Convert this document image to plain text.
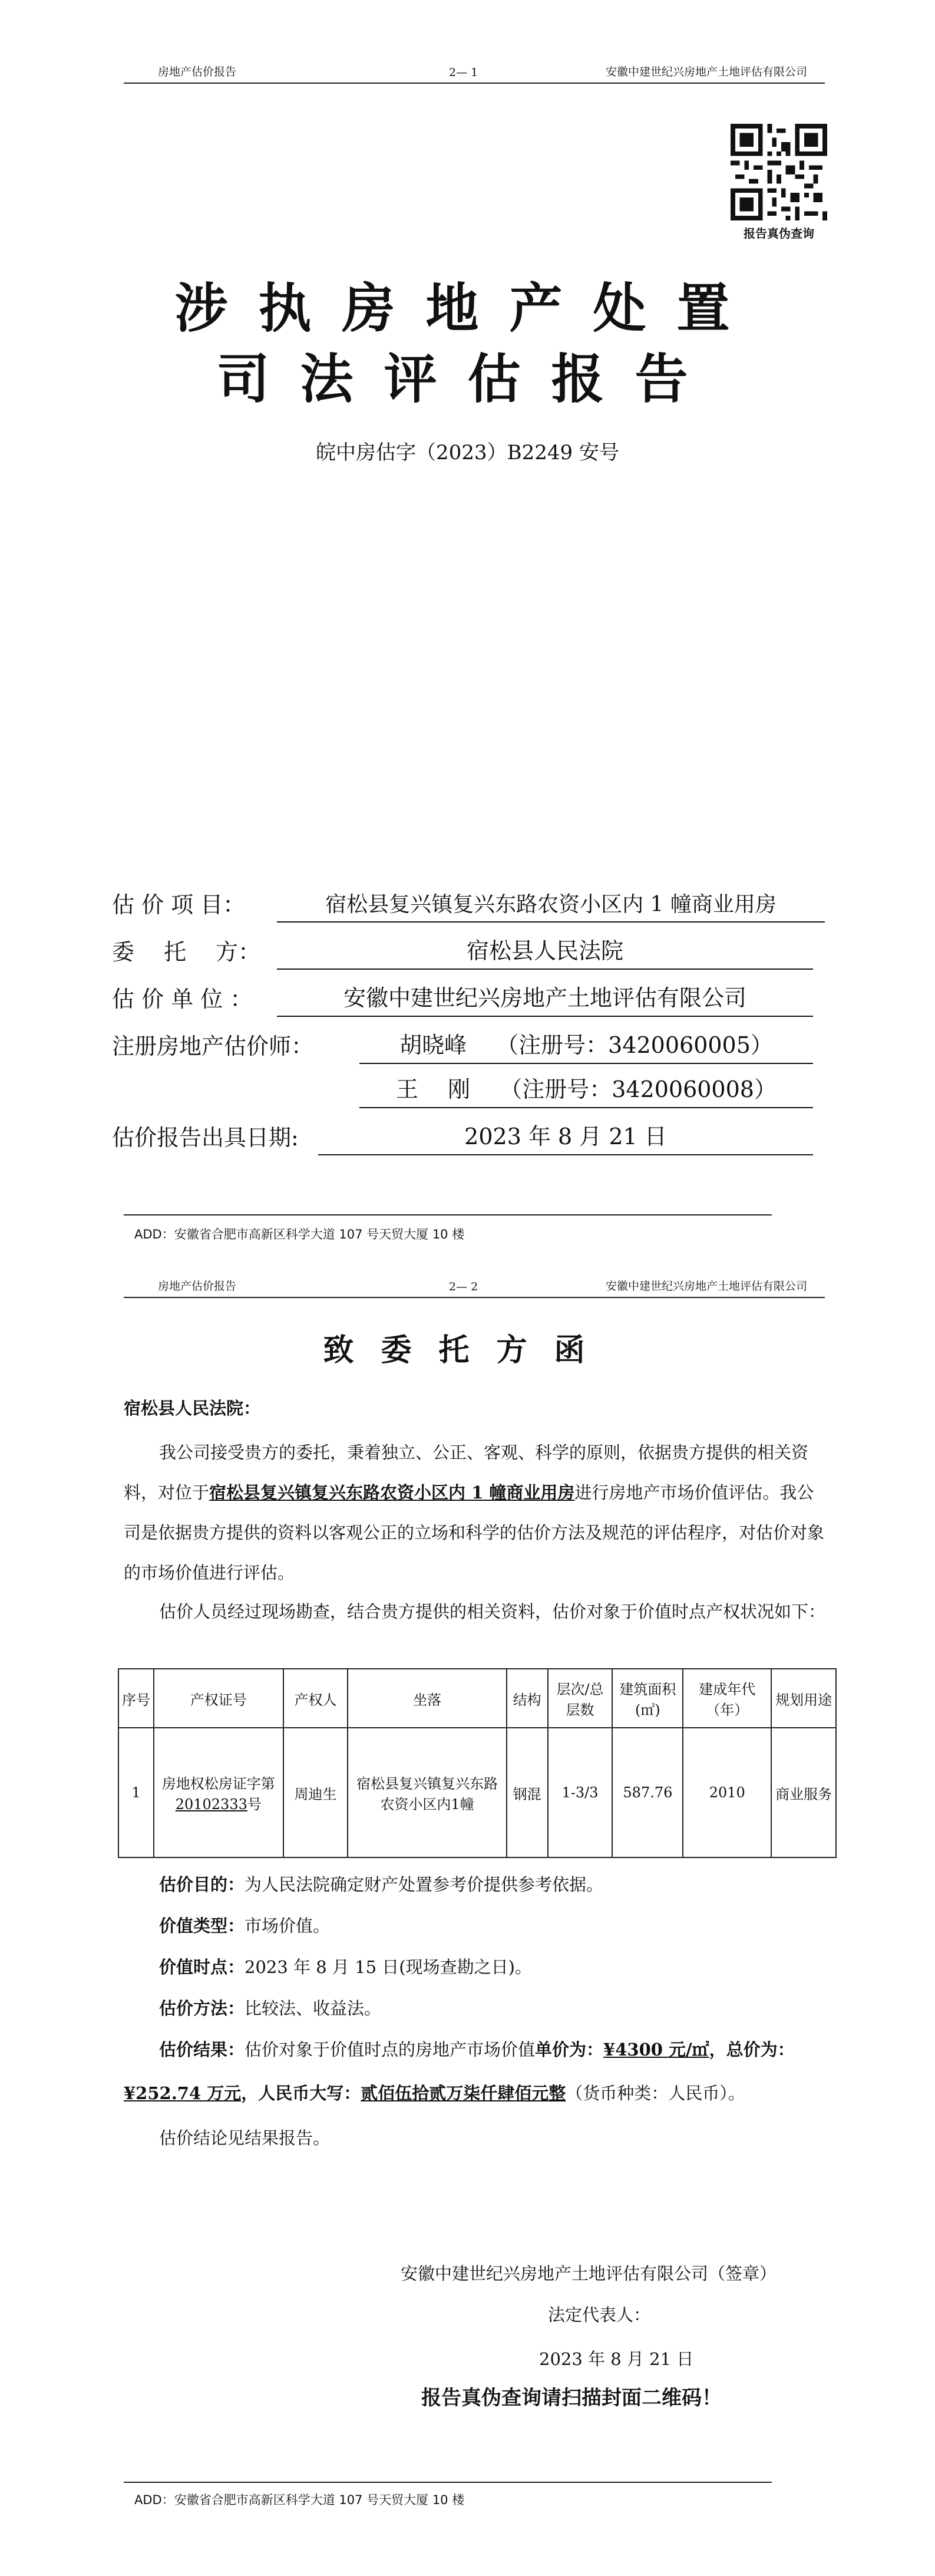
房地产估价报告	2— 1	安徽中建世纪兴房地产土地评估有限公司
报告真伪查询
涉执房地产处置
司法评估报告
皖中房估字（2023）B2249 安号
估 价 项 目：	宿松县复兴镇复兴东路农资小区内 1 幢商业用房
委　 托　 方：	宿松县人民法院
估 价 单 位 ：	安徽中建世纪兴房地产土地评估有限公司
注册房地产估价师：	胡晓峰　 （注册号：3420060005）
王　 刚　 （注册号：3420060008）
估价报告出具日期:	2023 年 8 月 21 日
ADD：安徽省合肥市高新区科学大道 107 号天贸大厦 10 楼
房地产估价报告	2— 2	安徽中建世纪兴房地产土地评估有限公司
致委托方函
宿松县人民法院：
我公司接受贵方的委托，秉着独立、公正、客观、科学的原则，依据贵方提供的相关资料，对位于宿松县复兴镇复兴东路农资小区内 1 幢商业用房进行房地产市场价值评估。我公司是依据贵方提供的资料以客观公正的立场和科学的估价方法及规范的评估程序，对估价对象的市场价值进行评估。
估价人员经过现场勘查，结合贵方提供的相关资料，估价对象于价值时点产权状况如下：
序号	产权证号	产权人	坐落	结构	层次/总层数	建筑面积(㎡)	建成年代（年）	规划用途
1	房地权松房证字第20102333号	周迪生	宿松县复兴镇复兴东路农资小区内1幢	钢混	1-3/3	587.76	2010	商业服务
估价目的：为人民法院确定财产处置参考价提供参考依据。
价值类型：市场价值。
价值时点：2023 年 8 月 15 日(现场查勘之日)。
估价方法：比较法、收益法。
估价结果：估价对象于价值时点的房地产市场价值单价为：¥4300 元/㎡，总价为：¥252.74 万元，人民币大写：贰佰伍拾贰万柒仟肆佰元整（货币种类：人民币）。
估价结论见结果报告。
安徽中建世纪兴房地产土地评估有限公司（签章）
法定代表人：
2023 年 8 月 21 日
报告真伪查询请扫描封面二维码！
ADD：安徽省合肥市高新区科学大道 107 号天贸大厦 10 楼
